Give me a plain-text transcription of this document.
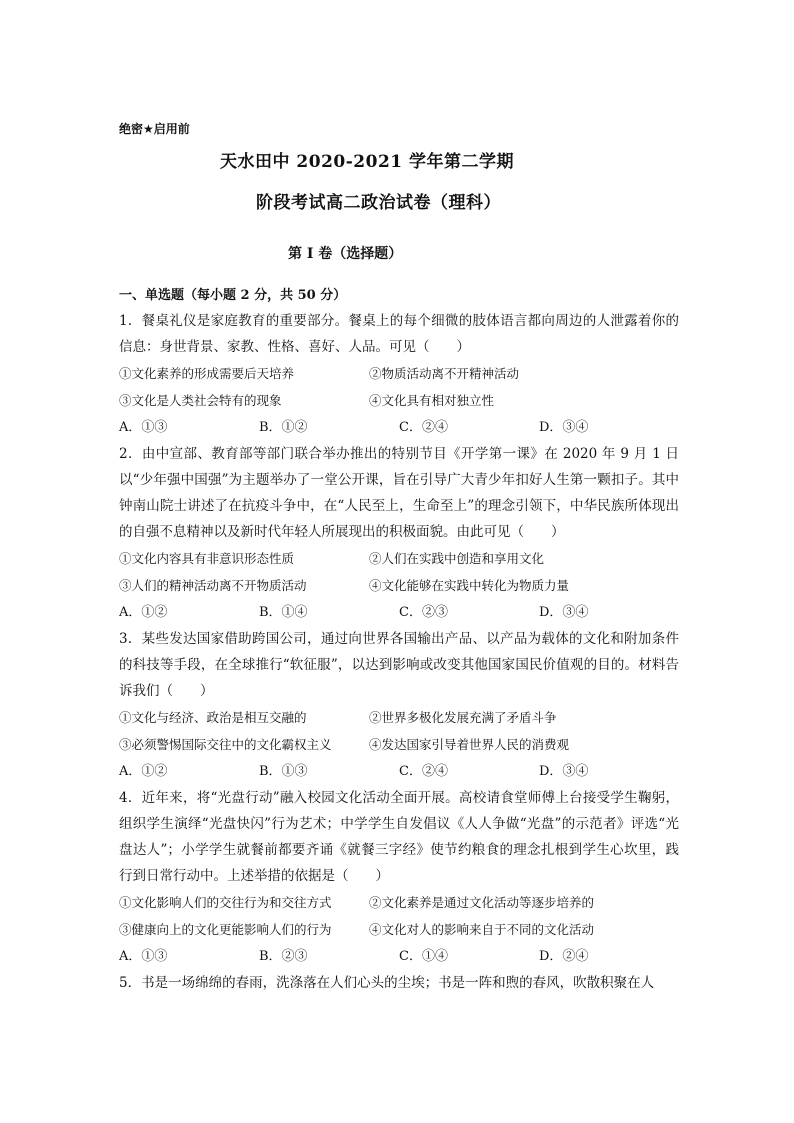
绝密★启用前
天水田中 2020-2021 学年第二学期
阶段考试高二政治试卷（理科）
第 I 卷（选择题）
一、单选题（每小题 2 分，共 50 分）

1．餐桌礼仪是家庭教育的重要部分。餐桌上的每个细微的肢体语言都向周边的人泄露着你的信息：身世背景、家教、性格、喜好、人品。可见（　　）

①文化素养的形成需要后天培养	②物质活动离不开精神活动
③文化是人类社会特有的现象	④文化具有相对独立性
A．①③	B．①②	C．②④	D．③④

2．由中宣部、教育部等部门联合举办推出的特别节目《开学第一课》在 2020 年 9 月 1 日以“少年强中国强”为主题举办了一堂公开课，旨在引导广大青少年扣好人生第一颗扣子。其中钟南山院士讲述了在抗疫斗争中，在“人民至上，生命至上”的理念引领下，中华民族所体现出的自强不息精神以及新时代年轻人所展现出的积极面貌。由此可见（　　）

①文化内容具有非意识形态性质	②人们在实践中创造和享用文化
③人们的精神活动离不开物质活动	④文化能够在实践中转化为物质力量
A．①②	B．①④	C．②③	D．③④

3．某些发达国家借助跨国公司，通过向世界各国输出产品、以产品为载体的文化和附加条件的科技等手段，在全球推行“软征服”，以达到影响或改变其他国家国民价值观的目的。材料告诉我们（　　）

①文化与经济、政治是相互交融的	②世界多极化发展充满了矛盾斗争
③必须警惕国际交往中的文化霸权主义	④发达国家引导着世界人民的消费观
A．①②	B．①③	C．②④	D．③④

4．近年来，将“光盘行动”融入校园文化活动全面开展。高校请食堂师傅上台接受学生鞠躬，组织学生演绎“光盘快闪”行为艺术；中学学生自发倡议《人人争做“光盘”的示范者》评选“光盘达人”；小学学生就餐前都要齐诵《就餐三字经》使节约粮食的理念扎根到学生心坎里，践行到日常行动中。上述举措的依据是（　　）

①文化影响人们的交往行为和交往方式	②文化素养是通过文化活动等逐步培养的
③健康向上的文化更能影响人们的行为	④文化对人的影响来自于不同的文化活动
A．①③	B．②③	C．①④	D．②④

5．书是一场绵绵的春雨，洗涤落在人们心头的尘埃；书是一阵和煦的春风，吹散积聚在人
